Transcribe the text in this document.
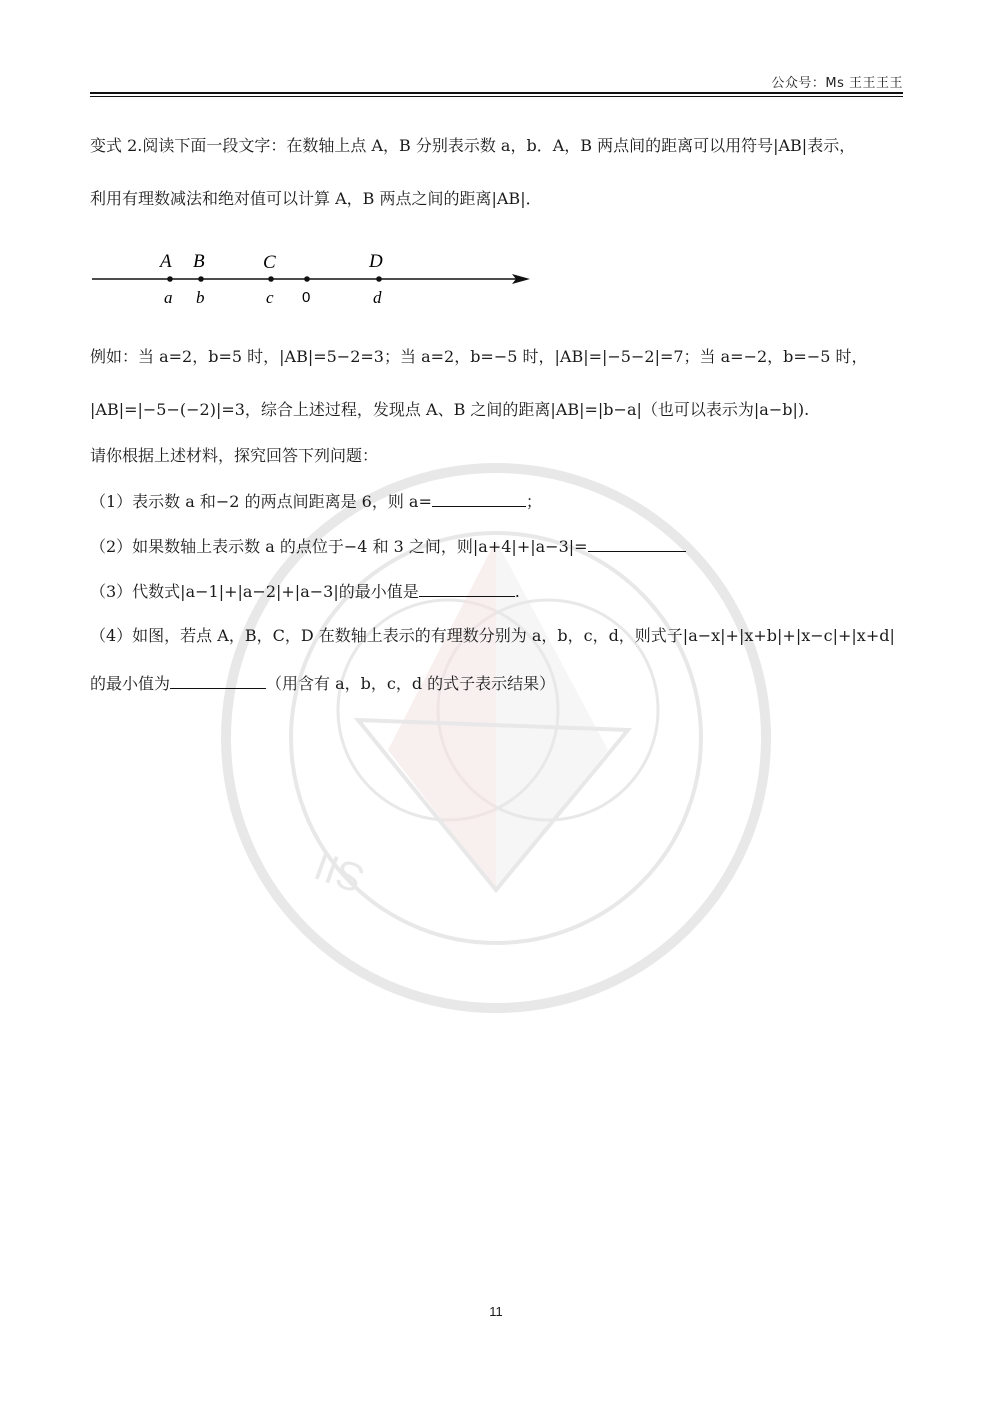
公众号：Ms 王王王王
SII
变式 2.阅读下面一段文字：在数轴上点 A，B 分别表示数 a，b．A，B 两点间的距离可以用符号|AB|表示，
利用有理数减法和绝对值可以计算 A，B 两点之间的距离|AB|．
A B	C	D
a b	c 0	d
例如：当 a=2，b=5 时，|AB|=5−2=3；当 a=2，b=−5 时，|AB|=|−5−2|=7；当 a=−2，b=−5 时，
|AB|=|−5−(−2)|=3，综合上述过程，发现点 A、B 之间的距离|AB|=|b−a|（也可以表示为|a−b|).
请你根据上述材料，探究回答下列问题：
（1）表示数 a 和−2 的两点间距离是 6，则 a=	；
（2）如果数轴上表示数 a 的点位于−4 和 3 之间，则|a+4|+|a−3|=
（3）代数式|a−1|+|a−2|+|a−3|的最小值是	.
（4）如图，若点 A，B，C，D 在数轴上表示的有理数分别为 a，b，c，d，则式子|a−x|+|x+b|+|x−c|+|x+d|
的最小值为	（用含有 a，b，c，d 的式子表示结果）
11
